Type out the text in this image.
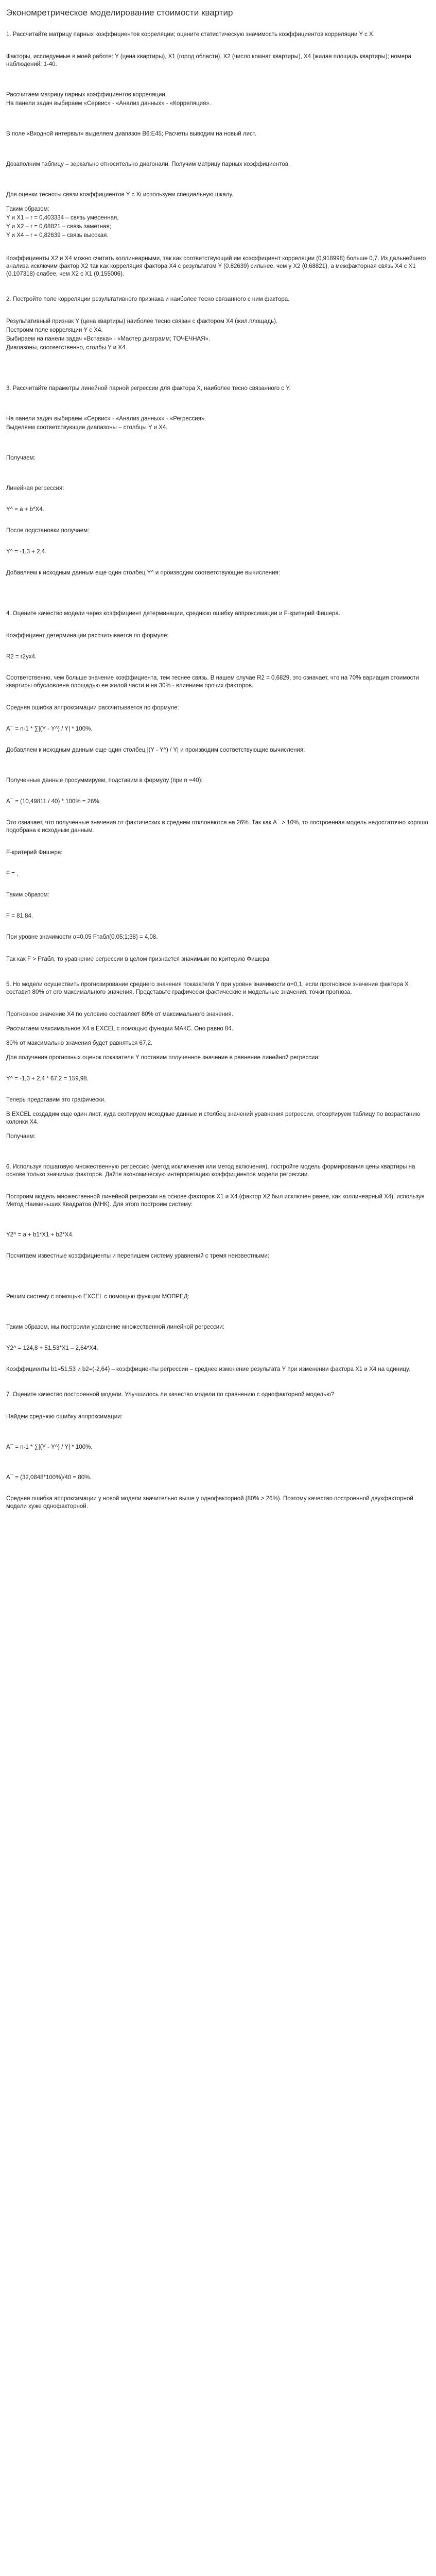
Экономретрическое моделирование стоимости квартир

1. Рассчитайте матрицу парных коэффициентов корреляции; оцените статистическую значимость коэффициентов корреляции Y с X.

Факторы, исследуемые в моей работе: Y (цена квартиры), X1 (город области), X2 (число комнат квартиры), X4 (жилая площадь квартиры); номера наблюдений: 1-40.

Рассчитаем матрицу парных коэффициентов корреляции.

На панели задач выбираем «Сервис» - «Анализ данных» - «Корреляция».

В поле «Входной интервал» выделяем диапазон B6:E45; Расчеты выводим на новый лист.

Дозаполним таблицу – зеркально относительно диагонали. Получим матрицу парных коэффициентов.

Для оценки тесноты связи коэффициентов Y с Xi используем специальную шкалу.

Таким образом:

Y и X1 – r = 0,403334 – связь умеренная,

Y и X2 – r = 0,68821 – связь заметная;

Y и X4 – r = 0,82639 – связь высокая.

Коэффициенты X2 и X4 можно считать коллинеарными, так как соответствующий им коэффициент корреляции (0,918998) больше 0,7. Из дальнейшего анализа исключим фактор X2 так как корреляция фактора X4 с результатом Y (0,82639) сильнее, чем у X2 (0,68821), а межфакторная связь X4 с X1 (0,107318) слабее, чем X2 с X1 (0,155006).

2. Постройте поле корреляции результативного признака и наиболее тесно связанного с ним фактора.

Результативный признак Y (цена квартиры) наиболее тесно связан с фактором X4 (жил.площадь).

Построим поле корреляции Y с X4.

Выбираем на панели задач «Вставка» - «Мастер диаграмм; ТОЧЕЧНАЯ».

Диапазоны, соответственно, столбы Y и X4.

3. Рассчитайте параметры линейной парной регрессии для фактора X, наиболее тесно связанного с Y.

На панели задач выбираем «Сервис» - «Анализ данных» - «Регрессия».

Выделяем соответствующие диапазоны – столбцы Y и X4.

Получаем:

Линейная регрессия:

Y^ = a + b*X4.

После подстановки получаем:

Y^ = -1,3 + 2,4.

Добавляем к исходным данным еще один столбец Y^ и производим соответствующие вычисления:

4. Оцените качество модели через коэффициент детерминации, среднюю ошибку аппроксимации и F-критерий Фишера.

Коэффициент детерминации рассчитывается по формуле:

R2 = r2yx4.

Соответственно, чем больше значение коэффициента, тем теснее связь. В нашем случае R2 = 0,6829, это означает, что на 70% вариация стоимости квартиры обусловлена площадью ее жилой части и на 30% - влиянием прочих факторов.

Средняя ошибка аппроксимации рассчитывается по формуле:

A¯ = n-1 * ∑|(Y - Y^) / Y| * 100%.

Добавляем к исходным данным еще один столбец |(Y - Y^) / Y| и производим соответствующие вычисления:

Полученные данные просуммируем, подставим в формулу (при n =40):

A¯ = (10,49811 / 40) * 100% = 26%.

Это означает, что полученные значения от фактических в среднем отклоняются на 26%. Так как A¯ > 10%, то построенная модель недостаточно хорошо подобрана к исходным данным.

F-критерий Фишера:

F = ,

Таким образом:

F = 81,84.

При уровне значимости α=0,05 Fтабл(0,05;1;38) = 4,08.

Так как F > Fтабл, то уравнение регрессии в целом признается значимым по критерию Фишера.

5. Но модели осуществить прогнозирование среднего значения показателя Y при уровне значимости α=0,1, если прогнозное значение фактора X составит 80% от его максимального значения. Представьте графически фактические и модельные значения, точки прогноза.

Прогнозное значение X4 по условию составляет 80% от максимального значения.

Рассчитаем максимальное X4 в EXCEL с помощью функции МАКС. Оно равно 84.

80% от максимально значения будет равняться 67,2.

Для получения прогнозных оценок показателя Y поставим полученное значение в равнение линейной регрессии:

Y^ = -1,3 + 2,4 * 67,2 = 159,98.

Теперь представим это графически.

В EXCEL создадим еще один лист, куда скопируем исходные данные и столбец значений уравнения регрессии, отсортируем таблицу по возрастанию колонки X4.

Получаем:

6. Используя пошаговую множественную регрессию (метод исключения или метод включения), постройте модель формирования цены квартиры на основе только значимых факторов. Дайте экономическую интерпретацию коэффициентов модели регрессии.

Построим модель множественной линейной регрессии на основе факторов X1 и X4 (фактор X2 был исключен ранее, как коллинеарный X4), используя Метод Наименьших Квадратов (МНК). Для этого построим систему:

Y2^ = a + b1*X1 + b2*X4.

Посчитаем известные коэффициенты и перепишем систему уравнений с тремя неизвестными:

Решим систему с помощью EXCEL с помощью функции МОПРЕД:

Таким образом, мы построили уравнение множественной линейной регрессии:

Y2^ = 124,8 + 51,53*X1 – 2,64*X4.

Коэффициенты b1=51,53 и b2=(-2,64) – коэффициенты регрессии – среднее изменение результата Y при изменении фактора X1 и X4 на единицу.

7. Оцените качество построенной модели. Улучшилось ли качество модели по сравнению с однофакторной моделью?

Найдем среднюю ошибку аппроксимации:

A¯ = n-1 * ∑|(Y - Y^) / Y| * 100%.

A¯ = (32,0848*100%)/40 = 80%.

Средняя ошибка аппроксимации у новой модели значительно выше у однофакторной (80% > 26%). Поэтому качество построенной двухфакторной модели хуже однофакторной.
